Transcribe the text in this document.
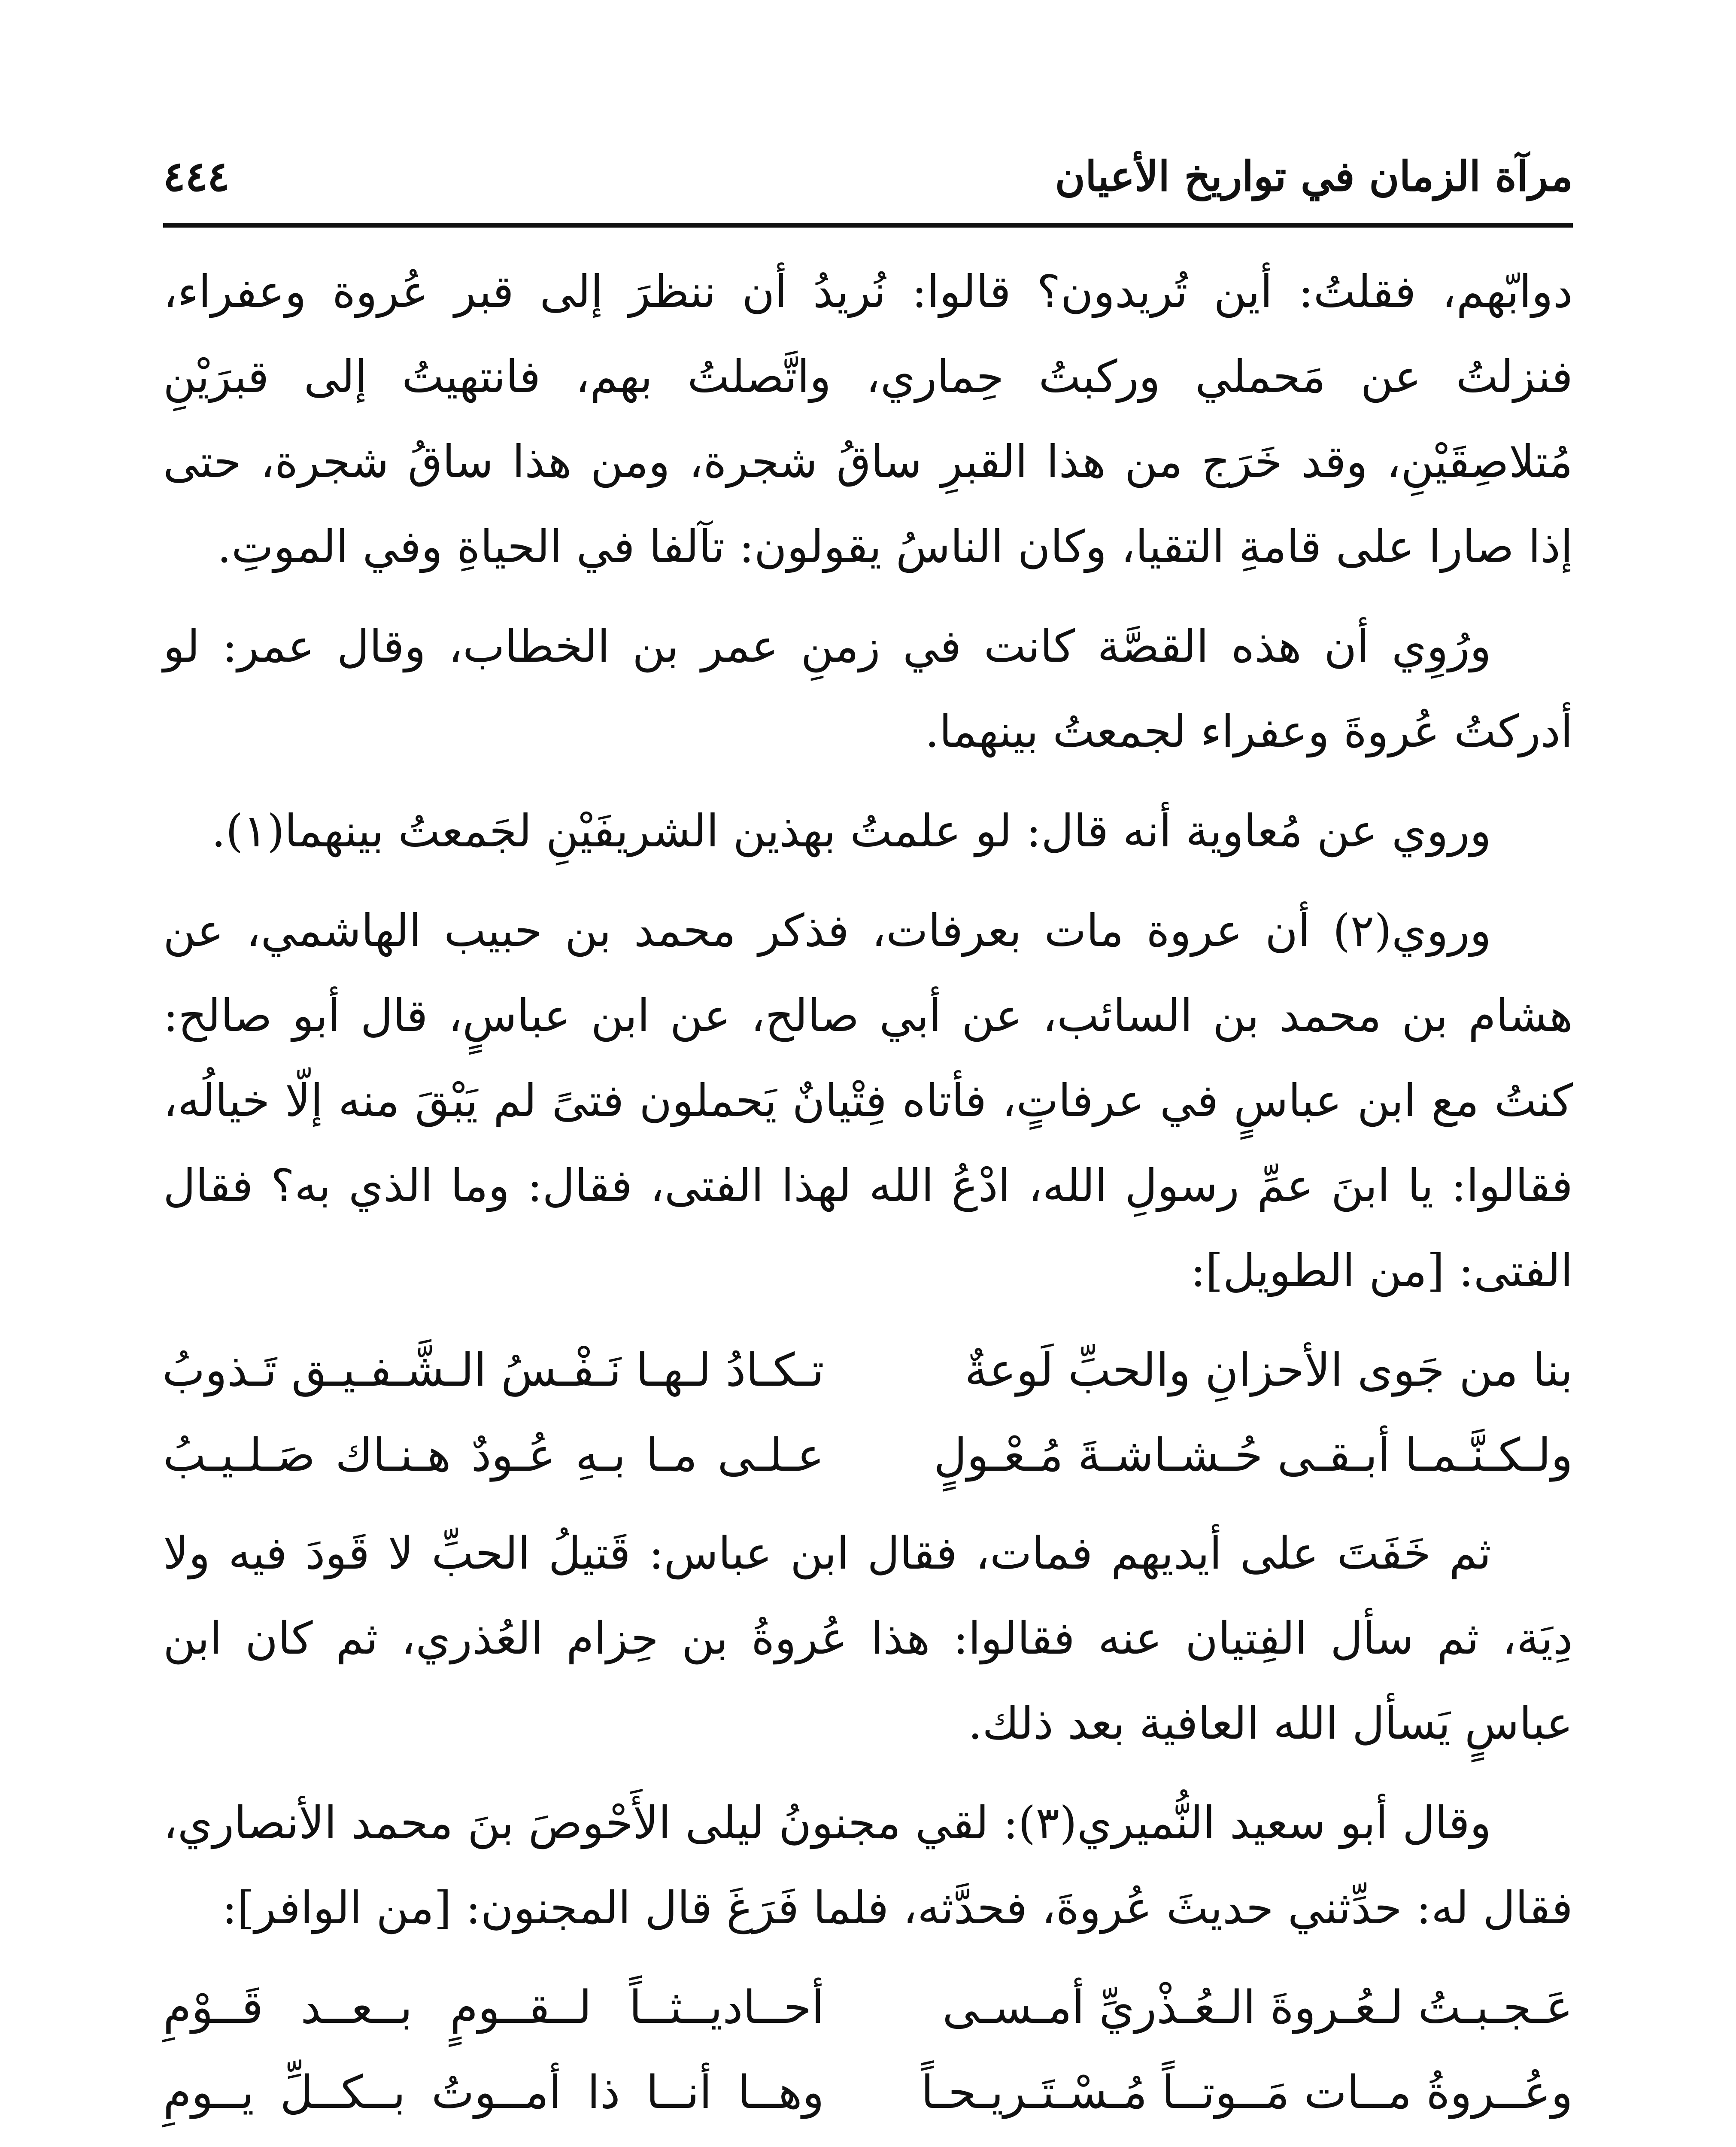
مرآة الزمان في تواريخ الأعيان
٤٤٤

دوابّهم، فقلتُ: أين تُريدون؟ قالوا: نُريدُ أن ننظرَ إلى قبر عُروة وعفراء، فنزلتُ عن مَحملي وركبتُ حِماري، واتَّصلتُ بهم، فانتهيتُ إلى قبرَيْنِ مُتلاصِقَيْنِ، وقد خَرَج من هذا القبرِ ساقُ شجرة، ومن هذا ساقُ شجرة، حتى إذا صارا على قامةِ التقيا، وكان الناسُ يقولون: تآلفا في الحياةِ وفي الموتِ.

ورُوِي أن هذه القصَّة كانت في زمنِ عمر بن الخطاب، وقال عمر: لو أدركتُ عُروةَ وعفراء لجمعتُ بينهما.

وروي عن مُعاوية أنه قال: لو علمتُ بهذين الشريفَيْنِ لجَمعتُ بينهما(١).

وروي(٢) أن عروة مات بعرفات، فذكر محمد بن حبيب الهاشمي، عن هشام بن محمد بن السائب، عن أبي صالح، عن ابن عباسٍ، قال أبو صالح: كنتُ مع ابن عباسٍ في عرفاتٍ، فأتاه فِتْيانٌ يَحملون فتىً لم يَبْقَ منه إلّا خيالُه، فقالوا: يا ابنَ عمِّ رسولِ الله، ادْعُ الله لهذا الفتى، فقال: وما الذي به؟ فقال الفتى: [من الطويل]:

بنا من جَوى الأحزانِ والحبِّ لَوعةٌ
تـكـادُ لـهـا نَـفْـسُ الـشَّـفـيـق تَـذوبُ
ولـكـنَّـمـا أبـقـى حُـشـاشـةَ مُـعْـولٍ
عـلـى مـا بـهِ عُـودٌ هـنـاك صَـلـيـبُ

ثم خَفَتَ على أيديهم فمات، فقال ابن عباس: قَتيلُ الحبِّ لا قَودَ فيه ولا دِيَة، ثم سأل الفِتيان عنه فقالوا: هذا عُروةُ بن حِزام العُذري، ثم كان ابن عباسٍ يَسأل الله العافية بعد ذلك.

وقال أبو سعيد النُّميري(٣): لقي مجنونُ ليلى الأَحْوصَ بنَ محمد الأنصاري، فقال له: حدِّثني حديثَ عُروةَ، فحدَّثه، فلما فَرَغَ قال المجنون: [من الوافر]:

عَـجـبـتُ لـعُـروةَ الـعُـذْريِّ أمـسـى
أحــاديــثــاً لــقــومٍ بــعــد قَــوْمِ
وعُــروةُ مــات مَــوتــاً مُـسْـتَـريـحـاً
وهــا أنــا ذا أمــوتُ بــكــلِّ يــومِ
